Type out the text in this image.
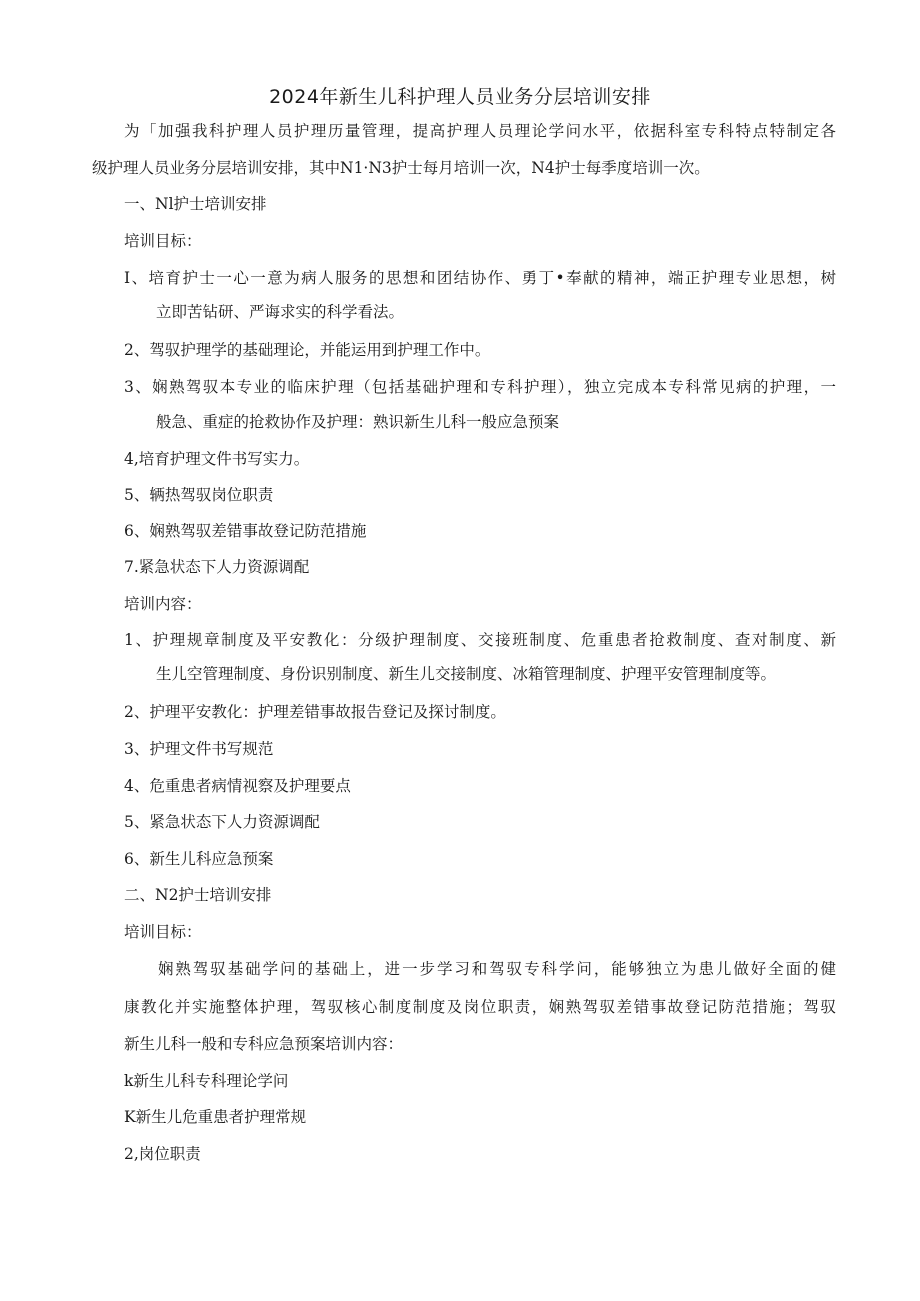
2024年新生儿科护理人员业务分层培训安排
为「加强我科护理人员护理历量管理，提高护理人员理论学问水平，依据科室专科特点特制定各
级护理人员业务分层培训安排，其中N1·N3护士每月培训一次，N4护士每季度培训一次。
一、Nl护士培训安排
培训目标：
I、培育护士一心一意为病人服务的思想和团结协作、勇丁•奉献的精神，端正护理专业思想，树
立即苦钻研、严诲求实的科学看法。
2、驾驭护理学的基础理论，并能运用到护理工作中。
3、娴熟驾驭本专业的临床护理（包括基础护理和专科护理），独立完成本专科常见病的护理，一
般急、重症的抢救协作及护理：熟识新生儿科一般应急预案
4,培育护理文件书写实力。
5、辆热驾驭岗位职责
6、娴熟驾驭差错事故登记防范措施
7.紧急状态下人力资源调配
培训内容：
1、护理规章制度及平安教化：分级护理制度、交接班制度、危重患者抢救制度、查对制度、新
生儿空管理制度、身份识别制度、新生儿交接制度、冰箱管理制度、护理平安管理制度等。
2、护理平安教化：护理差错事故报告登记及探讨制度。
3、护理文件书写规范
4、危重患者病情视察及护理要点
5、紧急状态下人力资源调配
6、新生儿科应急预案
二、N2护士培训安排
培训目标：
娴熟驾驭基础学问的基础上，进一步学习和驾驭专科学问，能够独立为患儿做好全面的健
康教化并实施整体护理，驾驭核心制度制度及岗位职责，娴熟驾驭差错事故登记防范措施；驾驭
新生儿科一般和专科应急预案培训内容：
k新生儿科专科理论学问
K新生儿危重患者护理常规
2,岗位职责
